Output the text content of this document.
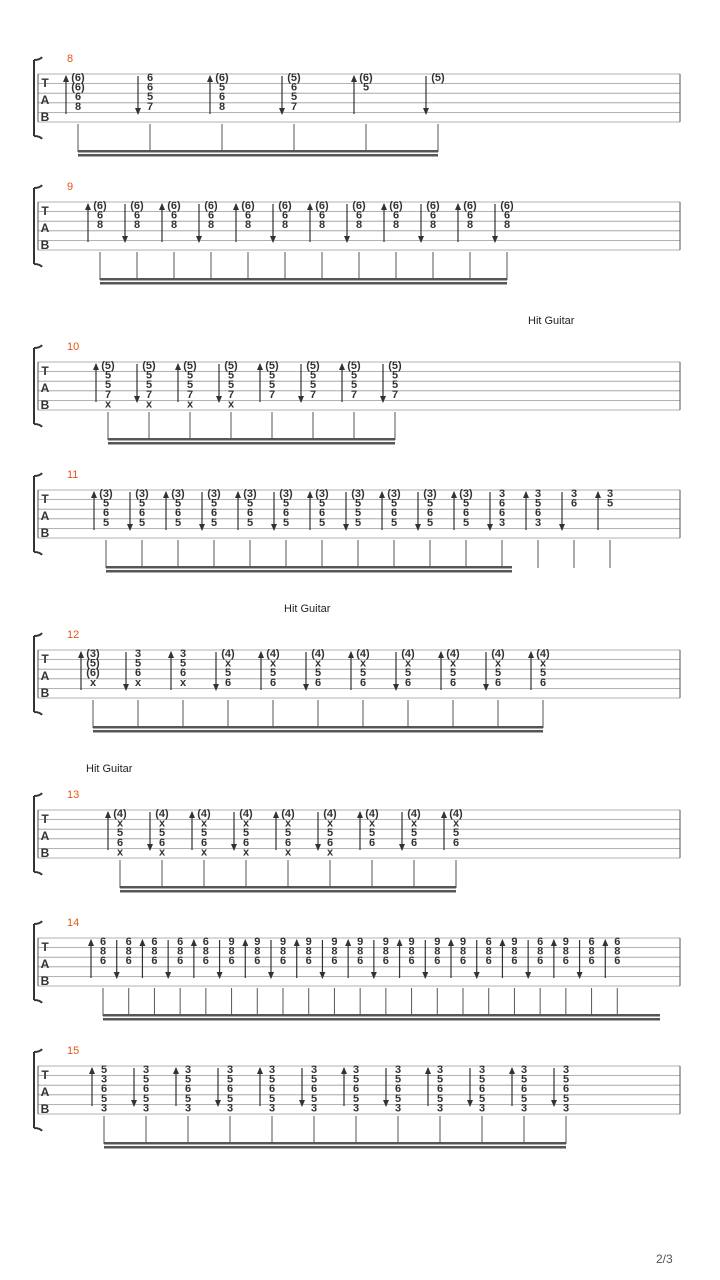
T
A
B
8
(6)
(6)
6
8
6
6
5
7
(6)
5
6
8
(5)
6
5
7
(6)
5
(5)
T
A
B
9
(6)
6
8
(6)
6
8
(6)
6
8
(6)
6
8
(6)
6
8
(6)
6
8
(6)
6
8
(6)
6
8
(6)
6
8
(6)
6
8
(6)
6
8
(6)
6
8
T
A
B
10
Hit Guitar
(5)
5
5
7
x
(5)
5
5
7
x
(5)
5
5
7
x
(5)
5
5
7
x
(5)
5
5
7
(5)
5
5
7
(5)
5
5
7
(5)
5
5
7
T
A
B
11
(3)
5
6
5
(3)
5
6
5
(3)
5
6
5
(3)
5
6
5
(3)
5
6
5
(3)
5
6
5
(3)
5
6
5
(3)
5
5
5
(3)
5
6
5
(3)
5
6
5
(3)
5
6
5
3
6
6
3
3
5
6
3
3
6
3
5
T
A
B
12
Hit Guitar
(3)
(5)
(6)
x
3
5
6
x
3
5
6
x
(4)
x
5
6
(4)
x
5
6
(4)
x
5
6
(4)
x
5
6
(4)
x
5
6
(4)
x
5
6
(4)
x
5
6
(4)
x
5
6
T
A
B
13
Hit Guitar
(4)
x
5
6
x
(4)
x
5
6
x
(4)
x
5
6
x
(4)
x
5
6
x
(4)
x
5
6
x
(4)
x
5
6
x
(4)
x
5
6
(4)
x
5
6
(4)
x
5
6
T
A
B
14
6
8
6
6
8
6
6
8
6
6
8
6
6
8
6
9
8
6
9
8
6
9
8
6
9
8
6
9
8
6
9
8
6
9
8
6
9
8
6
9
8
6
9
8
6
6
8
6
9
8
6
6
8
6
9
8
6
6
8
6
6
8
6
T
A
B
15
5
3
6
5
3
3
5
6
5
3
3
5
6
5
3
3
5
6
5
3
3
5
6
5
3
3
5
6
5
3
3
5
6
5
3
3
5
6
5
3
3
5
6
5
3
3
5
6
5
3
3
5
6
5
3
3
5
6
5
3
2/3
